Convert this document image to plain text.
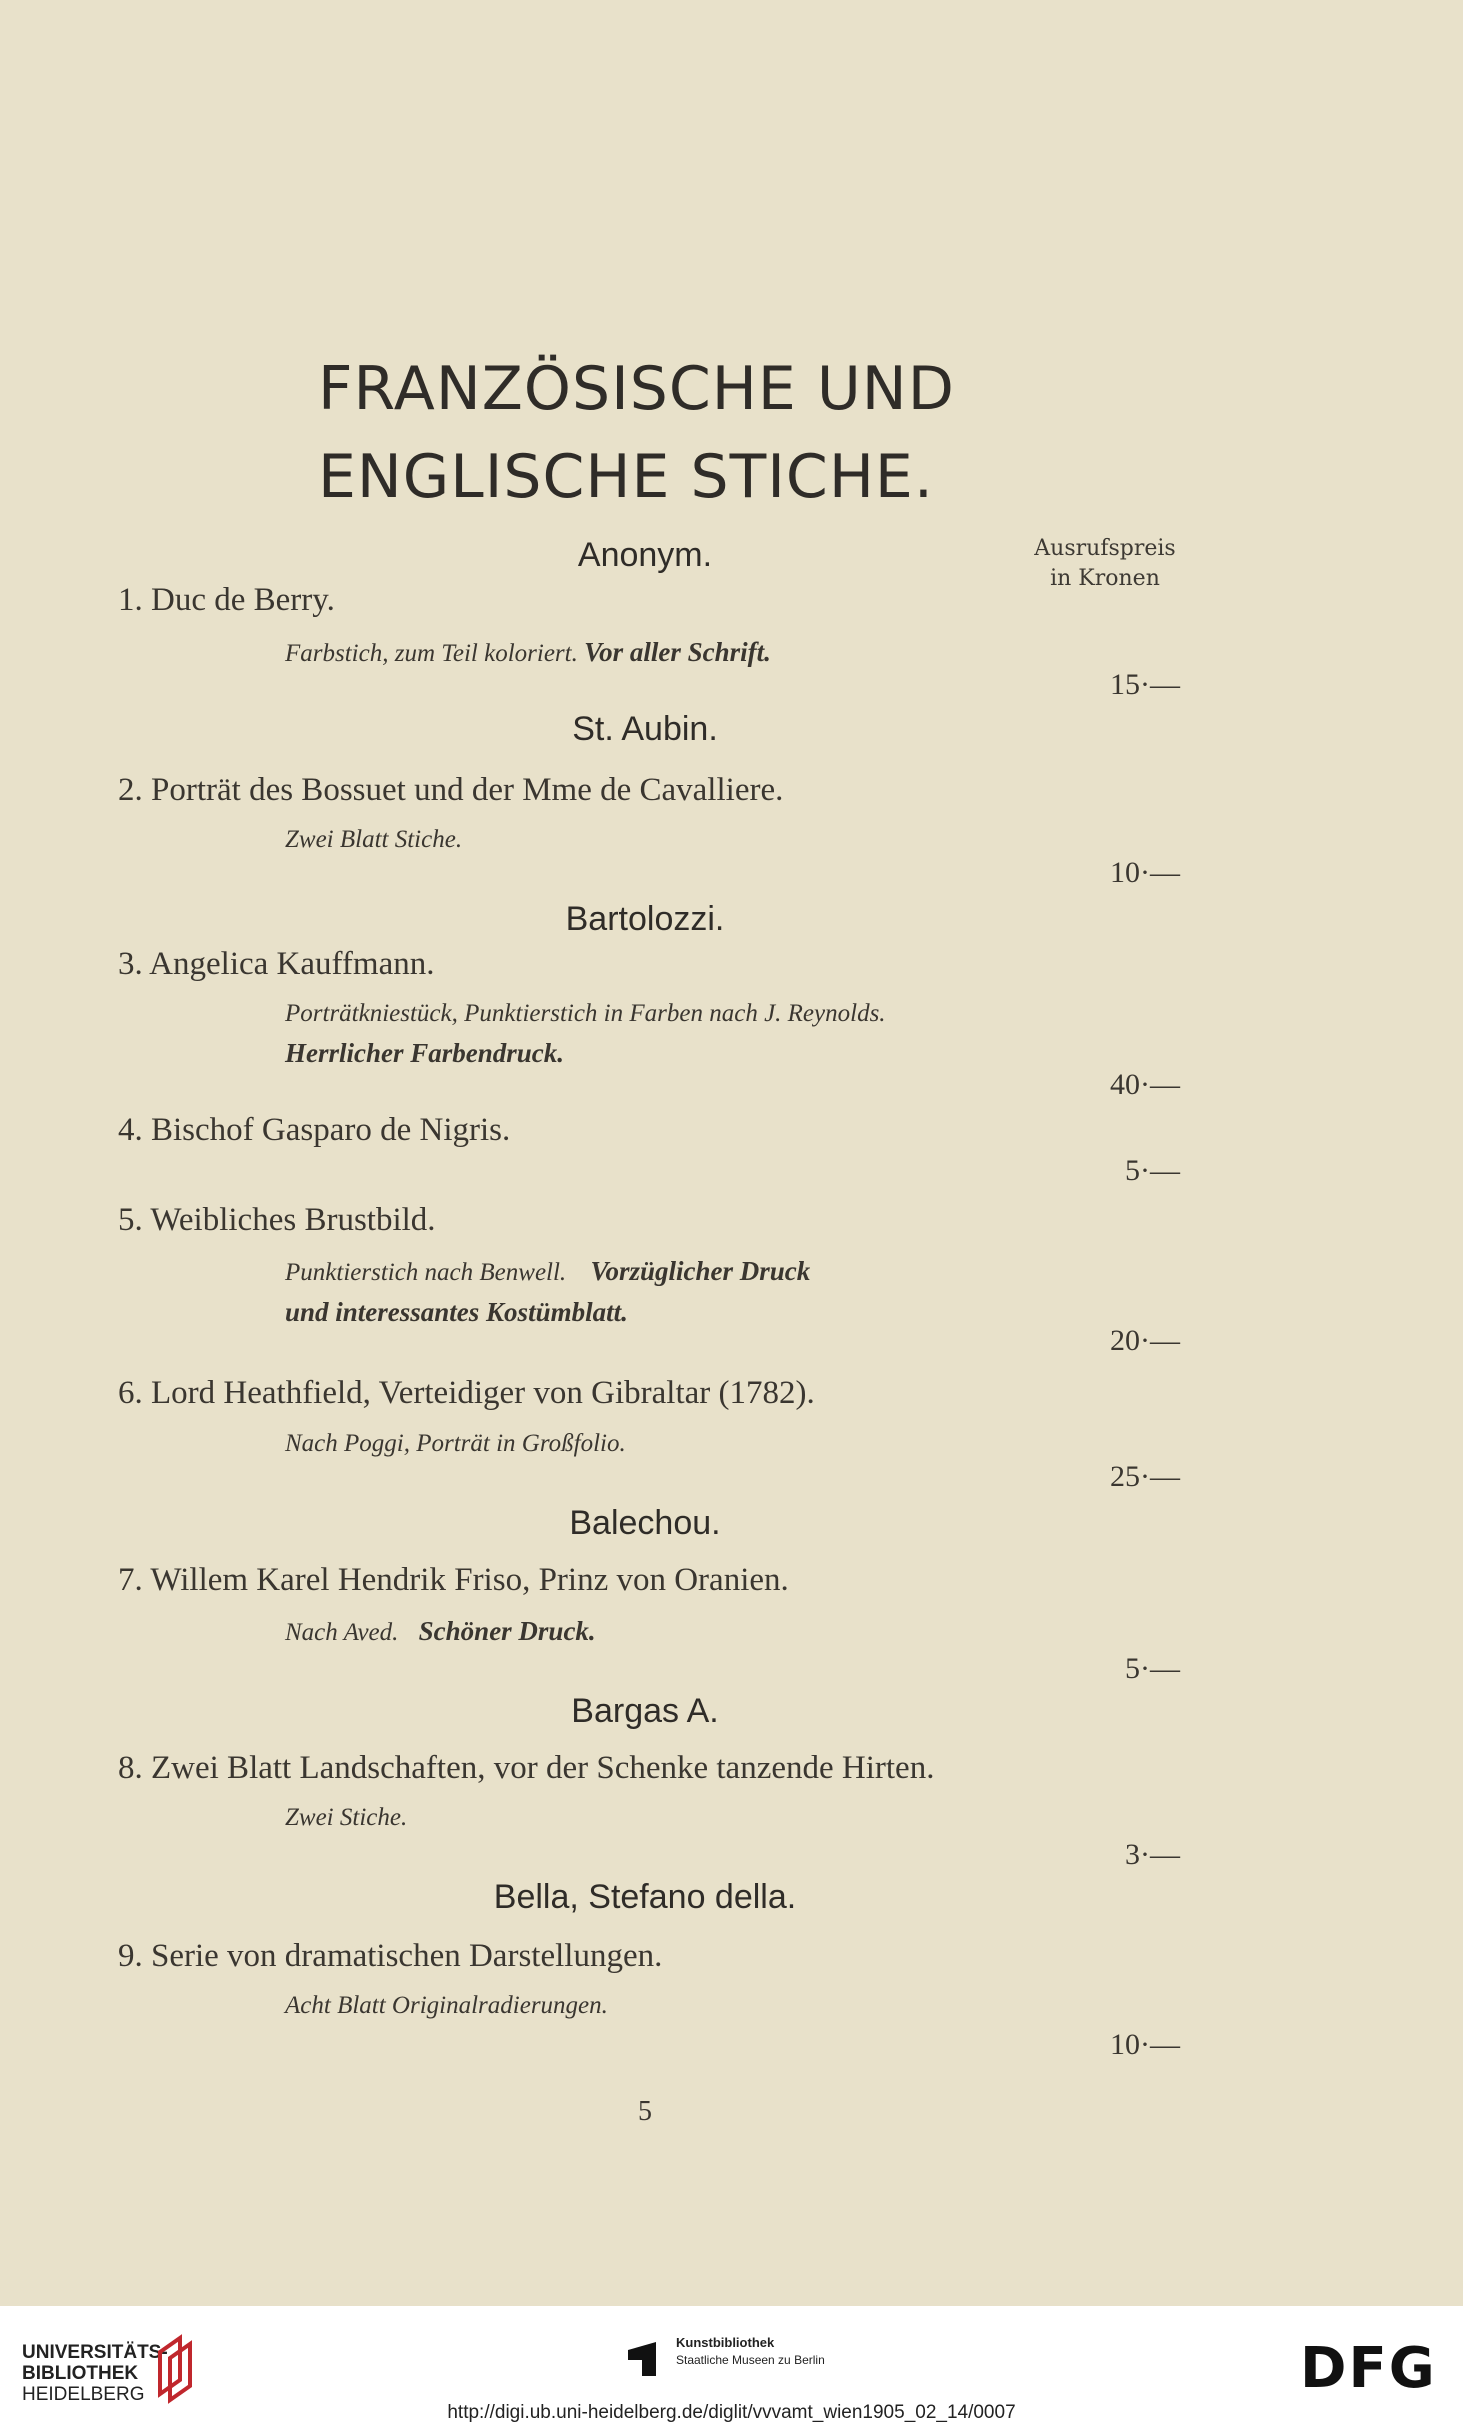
FRANZÖSISCHE UND
ENGLISCHE STICHE.
Ausrufspreis
in Kronen
Anonym.
1. Duc de Berry.
Farbstich, zum Teil koloriert. Vor aller Schrift.
15·—
St. Aubin.
2. Porträt des Bossuet und der Mme de Cavalliere.
Zwei Blatt Stiche.
10·—
Bartolozzi.
3. Angelica Kauffmann.
Porträtkniestück, Punktierstich in Farben nach J. Reynolds.
Herrlicher Farbendruck.
40·—
4. Bischof Gasparo de Nigris.
5·—
5. Weibliches Brustbild.
Punktierstich nach Benwell. Vorzüglicher Druck
und interessantes Kostümblatt.
20·—
6. Lord Heathfield, Verteidiger von Gibraltar (1782).
Nach Poggi, Porträt in Großfolio.
25·—
Balechou.
7. Willem Karel Hendrik Friso, Prinz von Oranien.
Nach Aved. Schöner Druck.
5·—
Bargas A.
8. Zwei Blatt Landschaften, vor der Schenke tanzende Hirten.
Zwei Stiche.
3·—
Bella, Stefano della.
9. Serie von dramatischen Darstellungen.
Acht Blatt Originalradierungen.
10·—
5
UNIVERSITÄTS-
BIBLIOTHEK
HEIDELBERG
Kunstbibliothek
Staatliche Museen zu Berlin	DFG
http://digi.ub.uni-heidelberg.de/diglit/vvvamt_wien1905_02_14/0007
